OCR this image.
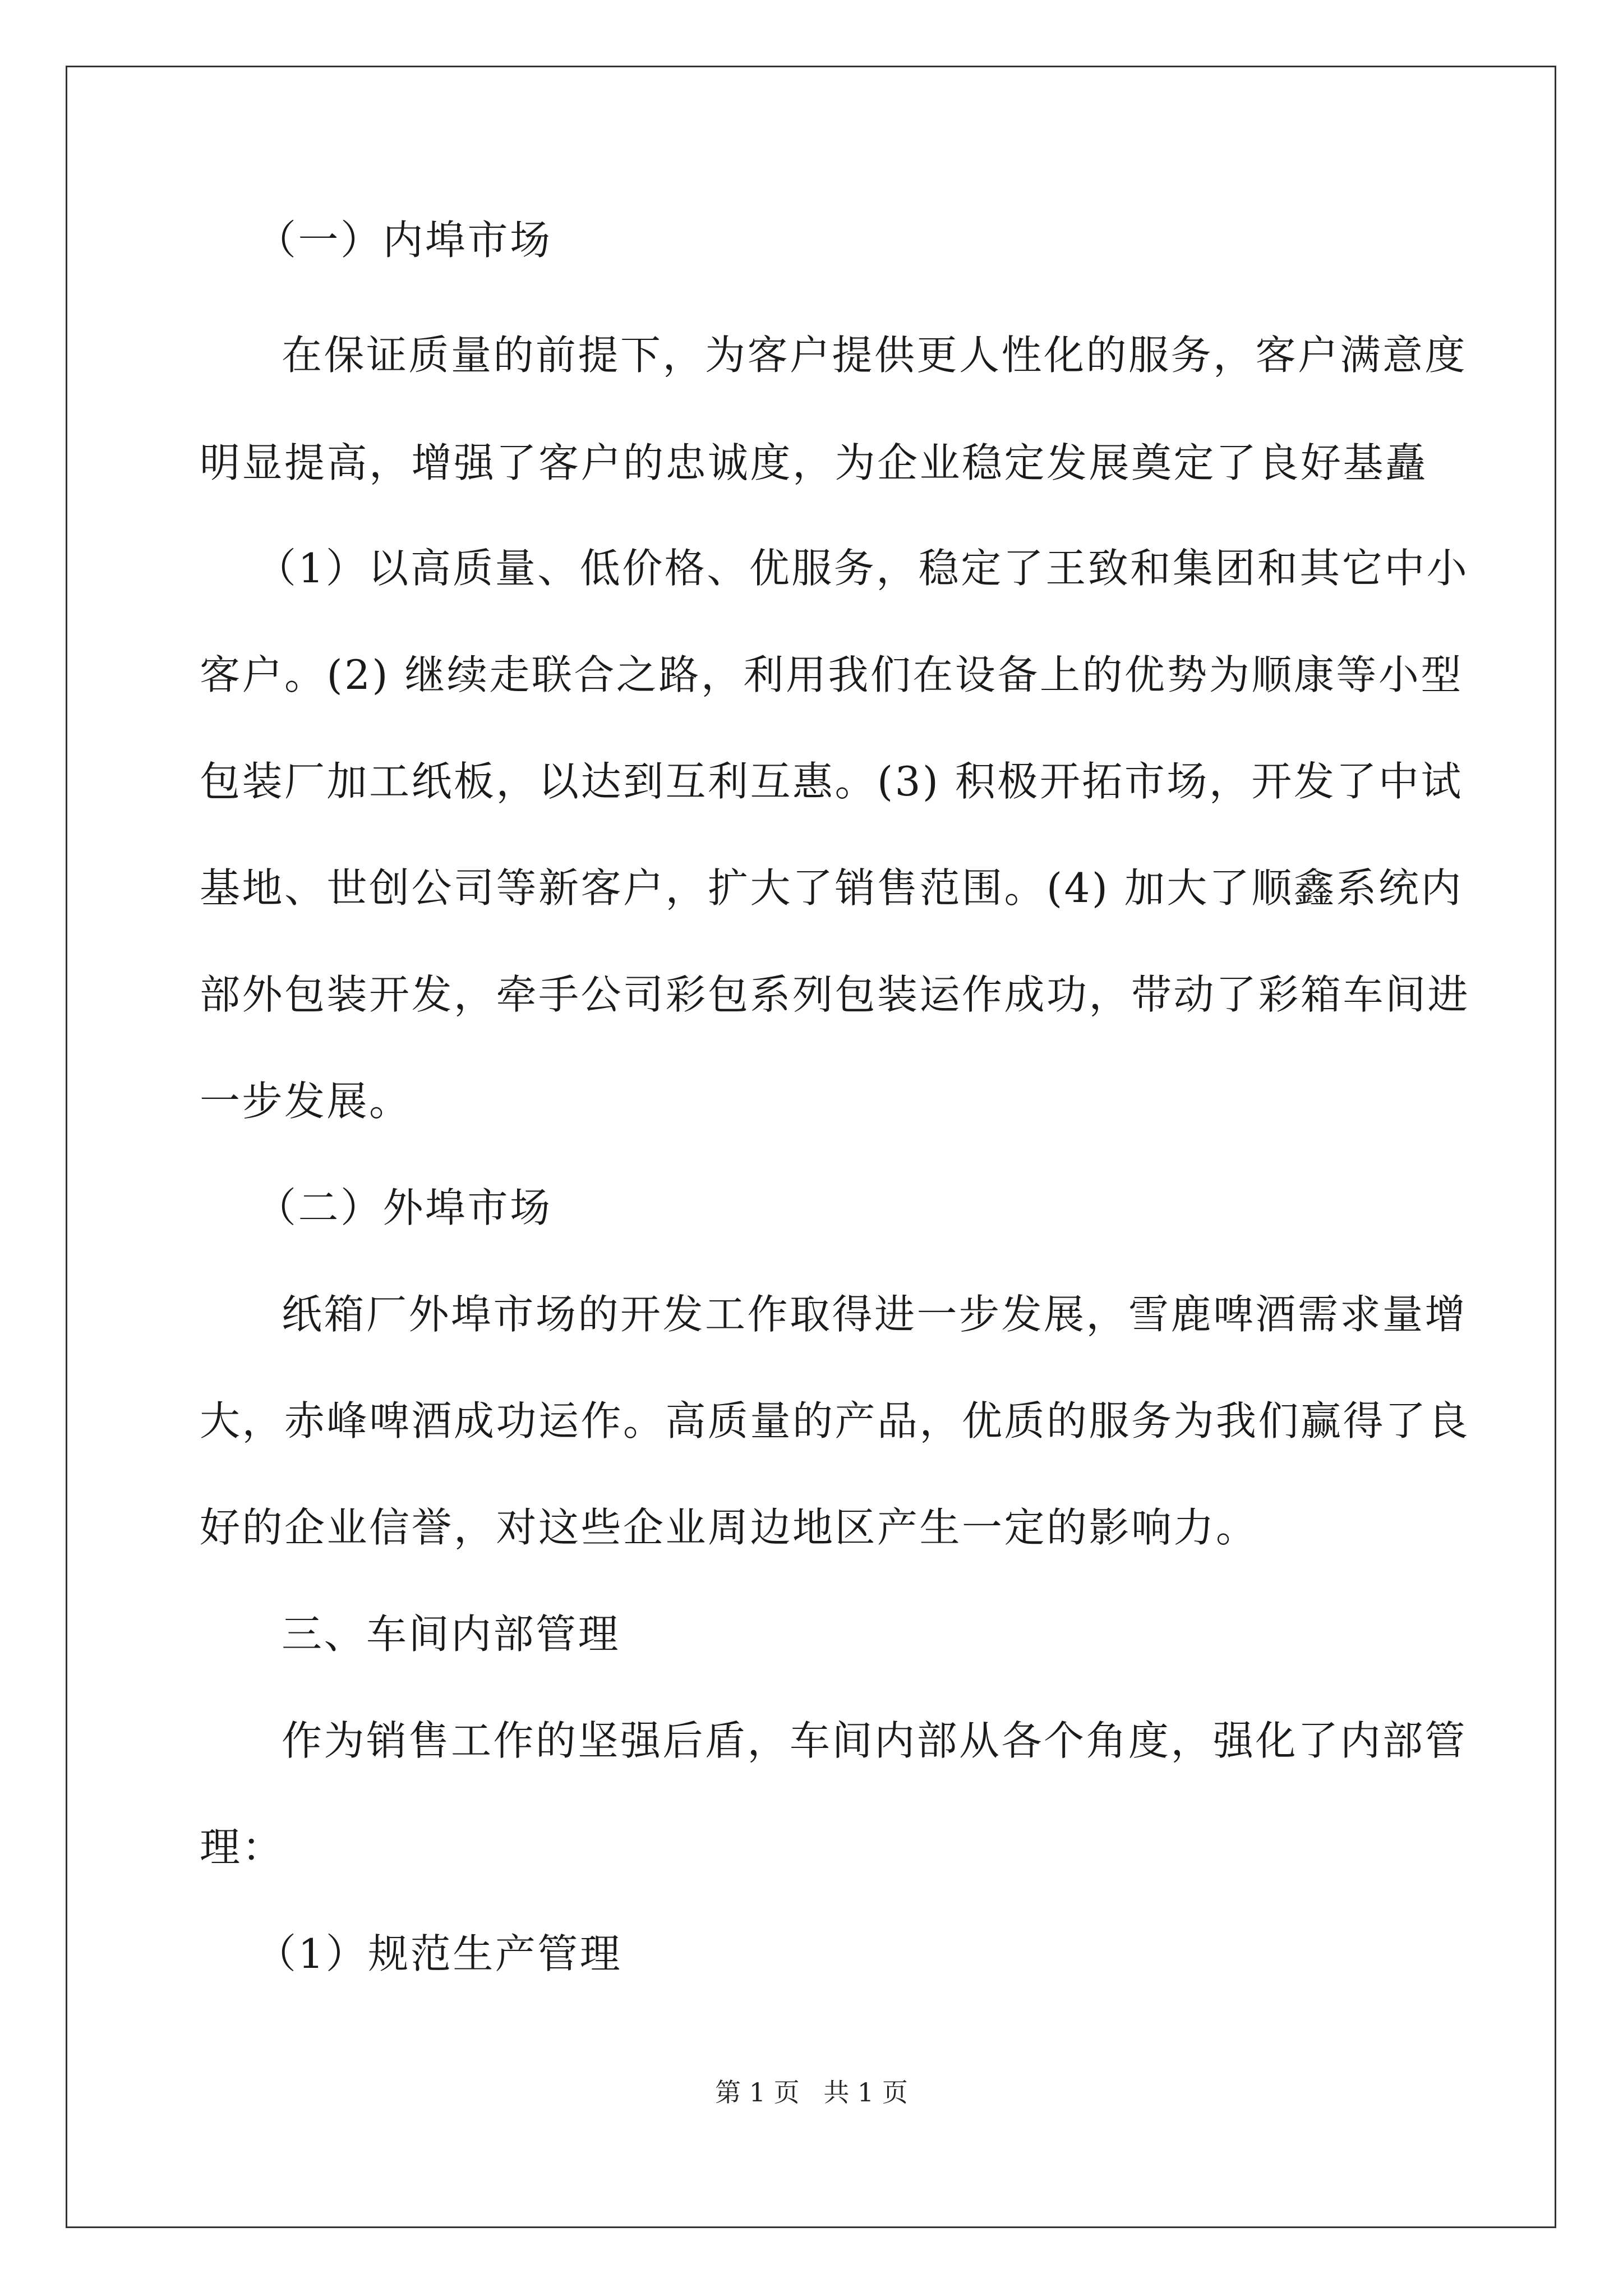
（一）内埠市场
在保证质量的前提下，为客户提供更人性化的服务，客户满意度
明显提高，增强了客户的忠诚度，为企业稳定发展奠定了良好基矗
（1）以高质量、低价格、优服务，稳定了王致和集团和其它中小
客户。(2) 继续走联合之路，利用我们在设备上的优势为顺康等小型
包装厂加工纸板，以达到互利互惠。(3) 积极开拓市场，开发了中试
基地、世创公司等新客户，扩大了销售范围。(4) 加大了顺鑫系统内
部外包装开发，牵手公司彩包系列包装运作成功，带动了彩箱车间进
一步发展。
（二）外埠市场
纸箱厂外埠市场的开发工作取得进一步发展，雪鹿啤酒需求量增
大，赤峰啤酒成功运作。高质量的产品，优质的服务为我们赢得了良
好的企业信誉，对这些企业周边地区产生一定的影响力。
三、车间内部管理
作为销售工作的坚强后盾，车间内部从各个角度，强化了内部管
理：
（1）规范生产管理
第 1 页 共 1 页
